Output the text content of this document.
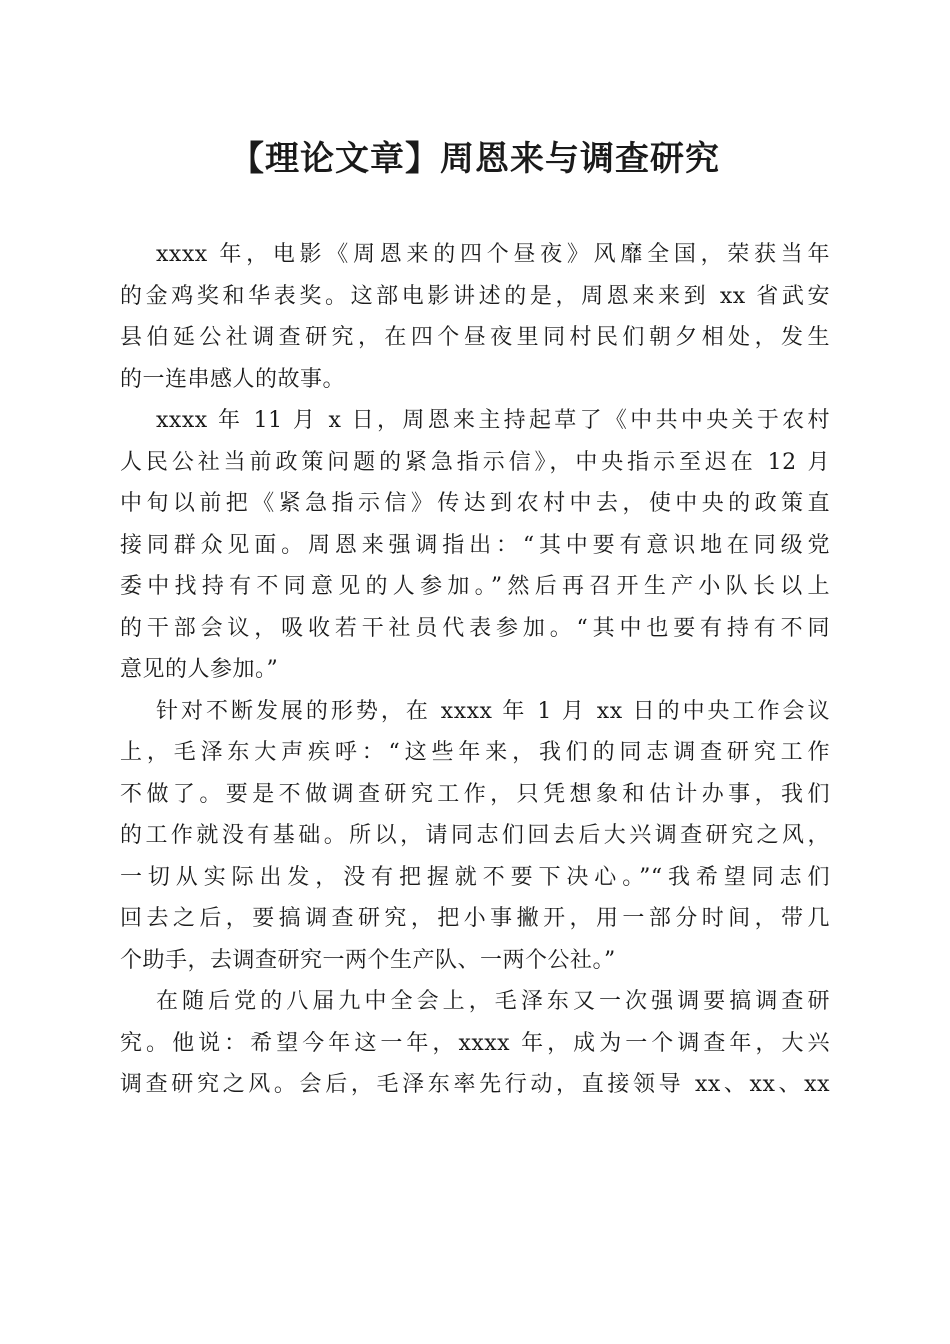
【理论文章】周恩来与调查研究
xxxx 年，电影《周恩来的四个昼夜》风靡全国，荣获当年
的金鸡奖和华表奖。这部电影讲述的是，周恩来来到 xx 省武安
县伯延公社调查研究，在四个昼夜里同村民们朝夕相处，发生
的一连串感人的故事。
xxxx 年 11 月 x 日，周恩来主持起草了《中共中央关于农村
人民公社当前政策问题的紧急指示信》，中央指示至迟在 12 月
中旬以前把《紧急指示信》传达到农村中去，使中央的政策直
接同群众见面。周恩来强调指出：“其中要有意识地在同级党
委中找持有不同意见的人参加。”然后再召开生产小队长以上
的干部会议，吸收若干社员代表参加。“其中也要有持有不同
意见的人参加。”
针对不断发展的形势，在 xxxx 年 1 月 xx 日的中央工作会议
上，毛泽东大声疾呼：“这些年来，我们的同志调查研究工作
不做了。要是不做调查研究工作，只凭想象和估计办事，我们
的工作就没有基础。所以，请同志们回去后大兴调查研究之风，
一切从实际出发，没有把握就不要下决心。”“我希望同志们
回去之后，要搞调查研究，把小事撇开，用一部分时间，带几
个助手，去调查研究一两个生产队、一两个公社。”
在随后党的八届九中全会上，毛泽东又一次强调要搞调查研
究。他说：希望今年这一年，xxxx 年，成为一个调查年，大兴
调查研究之风。会后，毛泽东率先行动，直接领导 xx、xx、xx
